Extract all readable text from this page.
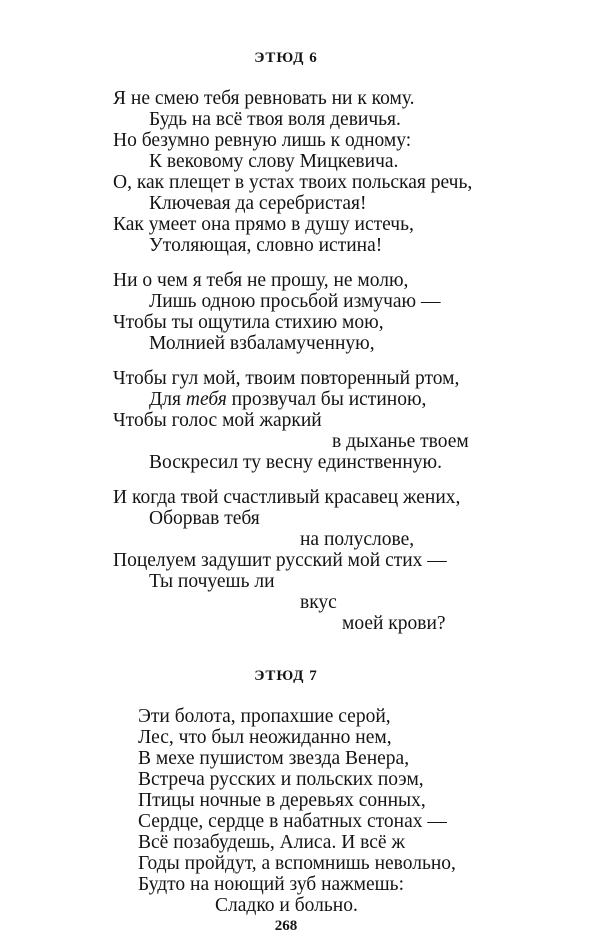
ЭТЮД 6
Я не смею тебя ревновать ни к кому.
Будь на всё твоя воля девичья.
Но безумно ревную лишь к одному:
К вековому слову Мицкевича.
О, как плещет в устах твоих польская речь,
Ключевая да серебристая!
Как умеет она прямо в душу истечь,
Утоляющая, словно истина!
Ни о чем я тебя не прошу, не молю,
Лишь одною просьбой измучаю —
Чтобы ты ощутила стихию мою,
Молнией взбаламученную,
Чтобы гул мой, твоим повторенный ртом,
Для тебя прозвучал бы истиною,
Чтобы голос мой жаркий
в дыханье твоем
Воскресил ту весну единственную.
И когда твой счастливый красавец жених,
Оборвав тебя
на полуслове,
Поцелуем задушит русский мой стих —
Ты почуешь ли
вкус
моей крови?
ЭТЮД 7
Эти болота, пропахшие серой,
Лес, что был неожиданно нем,
В мехе пушистом звезда Венера,
Встреча русских и польских поэм,
Птицы ночные в деревьях сонных,
Сердце, сердце в набатных стонах —
Всё позабудешь, Алиса. И всё ж
Годы пройдут, а вспомнишь невольно,
Будто на ноющий зуб нажмешь:
Сладко и больно.
268
